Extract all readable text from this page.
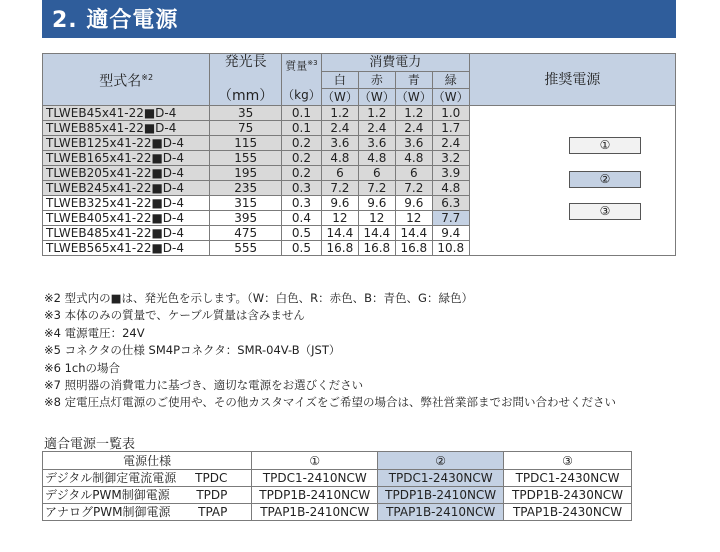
2. 適合電源
型式名$^{※2}$	発光長

（mm）	質量$^{※3}$

（kg）	消費電力				推奨電源
			白	赤	青	緑	
			（W）	（W）	（W）	（W）	
TLWEB45x41-22■D-4	35	0.1	1.2	1.2	1.2	1.0	
TLWEB85x41-22■D-4	75	0.1	2.4	2.4	2.4	1.7	
TLWEB125x41-22■D-4	115	0.2	3.6	3.6	3.6	2.4	
TLWEB165x41-22■D-4	155	0.2	4.8	4.8	4.8	3.2	
TLWEB205x41-22■D-4	195	0.2	6	6	6	3.9	
TLWEB245x41-22■D-4	235	0.3	7.2	7.2	7.2	4.8	
TLWEB325x41-22■D-4	315	0.3	9.6	9.6	9.6	6.3	
TLWEB405x41-22■D-4	395	0.4	12	12	12	7.7	
TLWEB485x41-22■D-4	475	0.5	14.4	14.4	14.4	9.4	
TLWEB565x41-22■D-4	555	0.5	16.8	16.8	16.8	10.8	
①
②
③
※2 型式内の■は、発光色を示します。（W：白色、R：赤色、B：青色、G：緑色）
※3 本体のみの質量で、ケーブル質量は含みません
※4 電源電圧：24V
※5 コネクタの仕様 SM4Pコネクタ：SMR-04V-B（JST）
※6 1chの場合
※7 照明器の消費電力に基づき、適切な電源をお選びください
※8 定電圧点灯電源のご使用や、その他カスタマイズをご希望の場合は、弊社営業部までお問い合わせください
適合電源一覧表
電源仕様	①	②	③
デジタル制御定電流電源 TPDC	TPDC1-2410NCW	TPDC1-2430NCW	TPDC1-2430NCW
デジタルPWM制御電源 TPDP	TPDP1B-2410NCW	TPDP1B-2410NCW	TPDP1B-2430NCW
アナログPWM制御電源 TPAP	TPAP1B-2410NCW	TPAP1B-2410NCW	TPAP1B-2430NCW
